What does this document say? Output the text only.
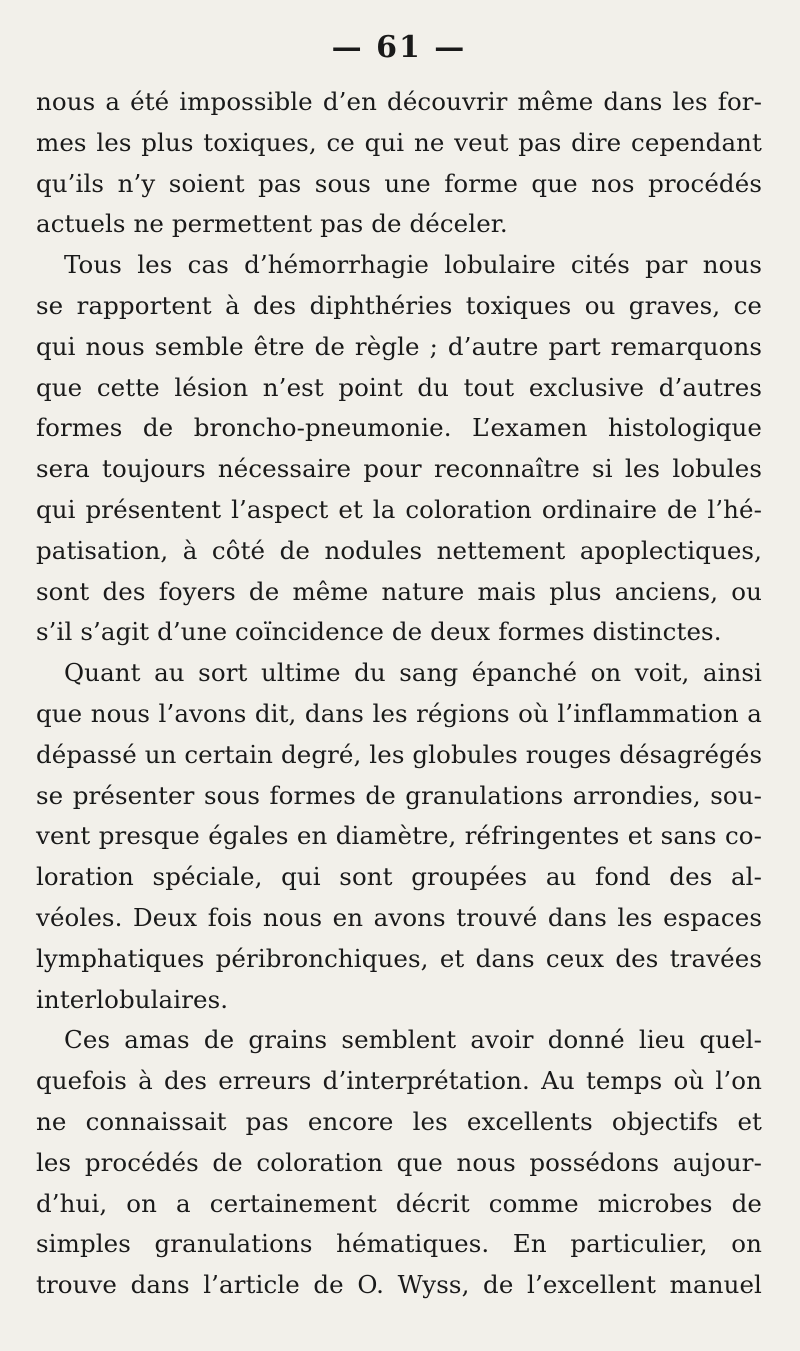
— 61 —

nous a été impossible d’en découvrir même dans les for-
mes les plus toxiques, ce qui ne veut pas dire cependant
qu’ils n’y soient pas sous une forme que nos procédés
actuels ne permettent pas de déceler.

Tous les cas d’hémorrhagie lobulaire cités par nous
se rapportent à des diphthéries toxiques ou graves, ce
qui nous semble être de règle ; d’autre part remarquons
que cette lésion n’est point du tout exclusive d’autres
formes de broncho-pneumonie. L’examen histologique
sera toujours nécessaire pour reconnaître si les lobules
qui présentent l’aspect et la coloration ordinaire de l’hé-
patisation, à côté de nodules nettement apoplectiques,
sont des foyers de même nature mais plus anciens, ou
s’il s’agit d’une coïncidence de deux formes distinctes.

Quant au sort ultime du sang épanché on voit, ainsi
que nous l’avons dit, dans les régions où l’inflammation a
dépassé un certain degré, les globules rouges désagrégés
se présenter sous formes de granulations arrondies, sou-
vent presque égales en diamètre, réfringentes et sans co-
loration spéciale, qui sont groupées au fond des al-
véoles. Deux fois nous en avons trouvé dans les espaces
lymphatiques péribronchiques, et dans ceux des travées
interlobulaires.

Ces amas de grains semblent avoir donné lieu quel-
quefois à des erreurs d’interprétation. Au temps où l’on
ne connaissait pas encore les excellents objectifs et
les procédés de coloration que nous possédons aujour-
d’hui, on a certainement décrit comme microbes de
simples granulations hématiques. En particulier, on
trouve dans l’article de O. Wyss, de l’excellent manuel
